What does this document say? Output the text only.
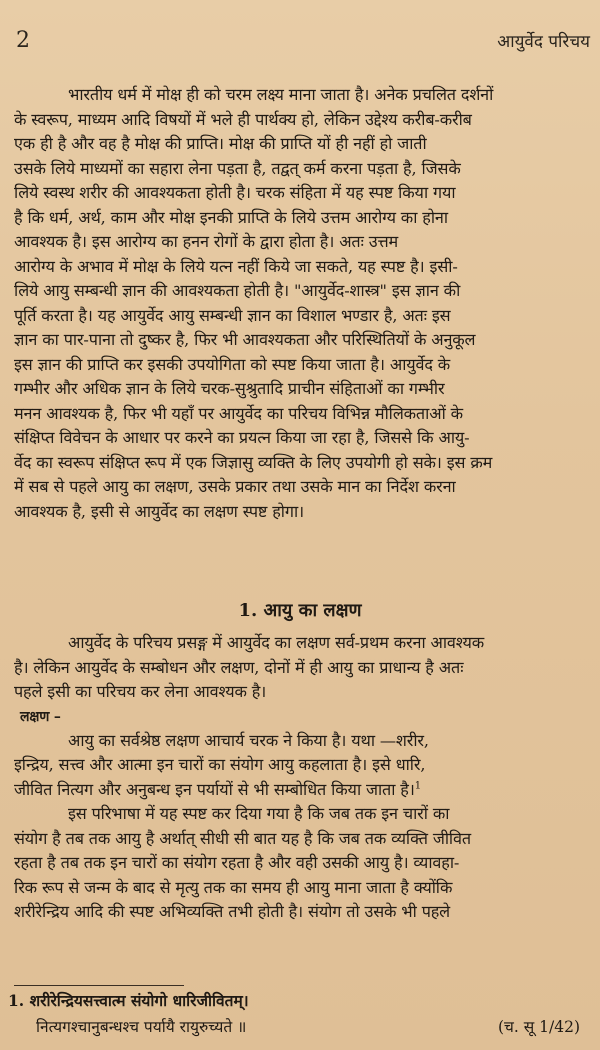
2	आयुर्वेद परिचय
भारतीय धर्म में मोक्ष ही को चरम लक्ष्य माना जाता है। अनेक प्रचलित दर्शनों
के स्वरूप, माध्यम आदि विषयों में भले ही पार्थक्य हो, लेकिन उद्देश्य करीब-करीब
एक ही है और वह है मोक्ष की प्राप्ति। मोक्ष की प्राप्ति यों ही नहीं हो जाती
उसके लिये माध्यमों का सहारा लेना पड़ता है, तद्वत् कर्म करना पड़ता है, जिसके
लिये स्वस्थ शरीर की आवश्यकता होती है। चरक संहिता में यह स्पष्ट किया गया
है कि धर्म, अर्थ, काम और मोक्ष इनकी प्राप्ति के लिये उत्तम आरोग्य का होना
आवश्यक है। इस आरोग्य का हनन रोगों के द्वारा होता है। अतः उत्तम
आरोग्य के अभाव में मोक्ष के लिये यत्न नहीं किये जा सकते, यह स्पष्ट है। इसी-
लिये आयु सम्बन्धी ज्ञान की आवश्यकता होती है। "आयुर्वेद-शास्त्र" इस ज्ञान की
पूर्ति करता है। यह आयुर्वेद आयु सम्बन्धी ज्ञान का विशाल भण्डार है, अतः इस
ज्ञान का पार-पाना तो दुष्कर है, फिर भी आवश्यकता और परिस्थितियों के अनुकूल
इस ज्ञान की प्राप्ति कर इसकी उपयोगिता को स्पष्ट किया जाता है। आयुर्वेद के
गम्भीर और अधिक ज्ञान के लिये चरक-सुश्रुतादि प्राचीन संहिताओं का गम्भीर
मनन आवश्यक है, फिर भी यहाँ पर आयुर्वेद का परिचय विभिन्न मौलिकताओं के
संक्षिप्त विवेचन के आधार पर करने का प्रयत्न किया जा रहा है, जिससे कि आयु-
र्वेद का स्वरूप संक्षिप्त रूप में एक जिज्ञासु व्यक्ति के लिए उपयोगी हो सके। इस क्रम
में सब से पहले आयु का लक्षण, उसके प्रकार तथा उसके मान का निर्देश करना
आवश्यक है, इसी से आयुर्वेद का लक्षण स्पष्ट होगा।
1. आयु का लक्षण
आयुर्वेद के परिचय प्रसङ्ग में आयुर्वेद का लक्षण सर्व-प्रथम करना आवश्यक
है। लेकिन आयुर्वेद के सम्बोधन और लक्षण, दोनों में ही आयु का प्राधान्य है अतः
पहले इसी का परिचय कर लेना आवश्यक है।
लक्षण –
आयु का सर्वश्रेष्ठ लक्षण आचार्य चरक ने किया है। यथा —शरीर,
इन्द्रिय, सत्त्व और आत्मा इन चारों का संयोग आयु कहलाता है। इसे धारि,
जीवित नित्यग और अनुबन्ध इन पर्यायों से भी सम्बोधित किया जाता है।$^1$
इस परिभाषा में यह स्पष्ट कर दिया गया है कि जब तक इन चारों का
संयोग है तब तक आयु है अर्थात् सीधी सी बात यह है कि जब तक व्यक्ति जीवित
रहता है तब तक इन चारों का संयोग रहता है और वही उसकी आयु है। व्यावहा-
रिक रूप से जन्म के बाद से मृत्यु तक का समय ही आयु माना जाता है क्योंकि
शरीरेन्द्रिय आदि की स्पष्ट अभिव्यक्ति तभी होती है। संयोग तो उसके भी पहले
1. शरीरेन्द्रियसत्त्वात्म संयोगो धारिजीवितम्।
नित्यगश्चानुबन्धश्च पर्यायै रायुरुच्यते ॥	(च. सू 1/42)
